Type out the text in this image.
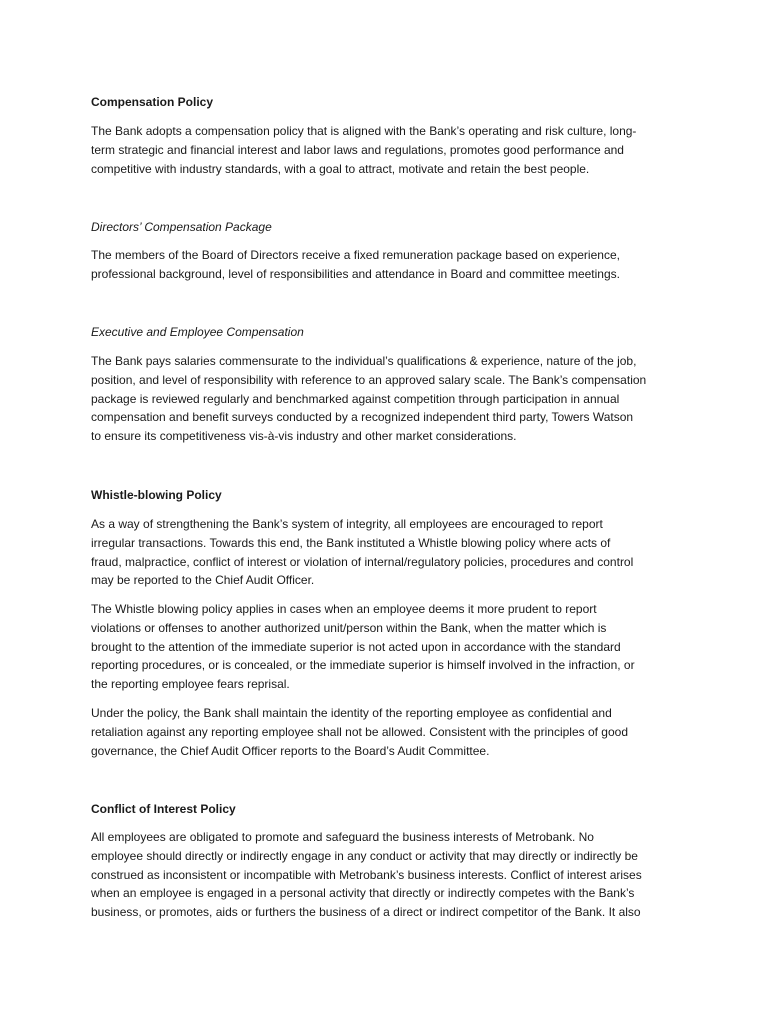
Compensation Policy
The Bank adopts a compensation policy that is aligned with the Bank’s operating and risk culture, long-
term strategic and financial interest and labor laws and regulations, promotes good performance and
competitive with industry standards, with a goal to attract, motivate and retain the best people.
Directors’ Compensation Package
The members of the Board of Directors receive a fixed remuneration package based on experience,
professional background, level of responsibilities and attendance in Board and committee meetings.
Executive and Employee Compensation
The Bank pays salaries commensurate to the individual’s qualifications & experience, nature of the job,
position, and level of responsibility with reference to an approved salary scale. The Bank’s compensation
package is reviewed regularly and benchmarked against competition through participation in annual
compensation and benefit surveys conducted by a recognized independent third party, Towers Watson
to ensure its competitiveness vis-à-vis industry and other market considerations.
Whistle-blowing Policy
As a way of strengthening the Bank’s system of integrity, all employees are encouraged to report
irregular transactions. Towards this end, the Bank instituted a Whistle blowing policy where acts of
fraud, malpractice, conflict of interest or violation of internal/regulatory policies, procedures and control
may be reported to the Chief Audit Officer.
The Whistle blowing policy applies in cases when an employee deems it more prudent to report
violations or offenses to another authorized unit/person within the Bank, when the matter which is
brought to the attention of the immediate superior is not acted upon in accordance with the standard
reporting procedures, or is concealed, or the immediate superior is himself involved in the infraction, or
the reporting employee fears reprisal.
Under the policy, the Bank shall maintain the identity of the reporting employee as confidential and
retaliation against any reporting employee shall not be allowed. Consistent with the principles of good
governance, the Chief Audit Officer reports to the Board’s Audit Committee.
Conflict of Interest Policy
All employees are obligated to promote and safeguard the business interests of Metrobank. No
employee should directly or indirectly engage in any conduct or activity that may directly or indirectly be
construed as inconsistent or incompatible with Metrobank’s business interests. Conflict of interest arises
when an employee is engaged in a personal activity that directly or indirectly competes with the Bank’s
business, or promotes, aids or furthers the business of a direct or indirect competitor of the Bank. It also
